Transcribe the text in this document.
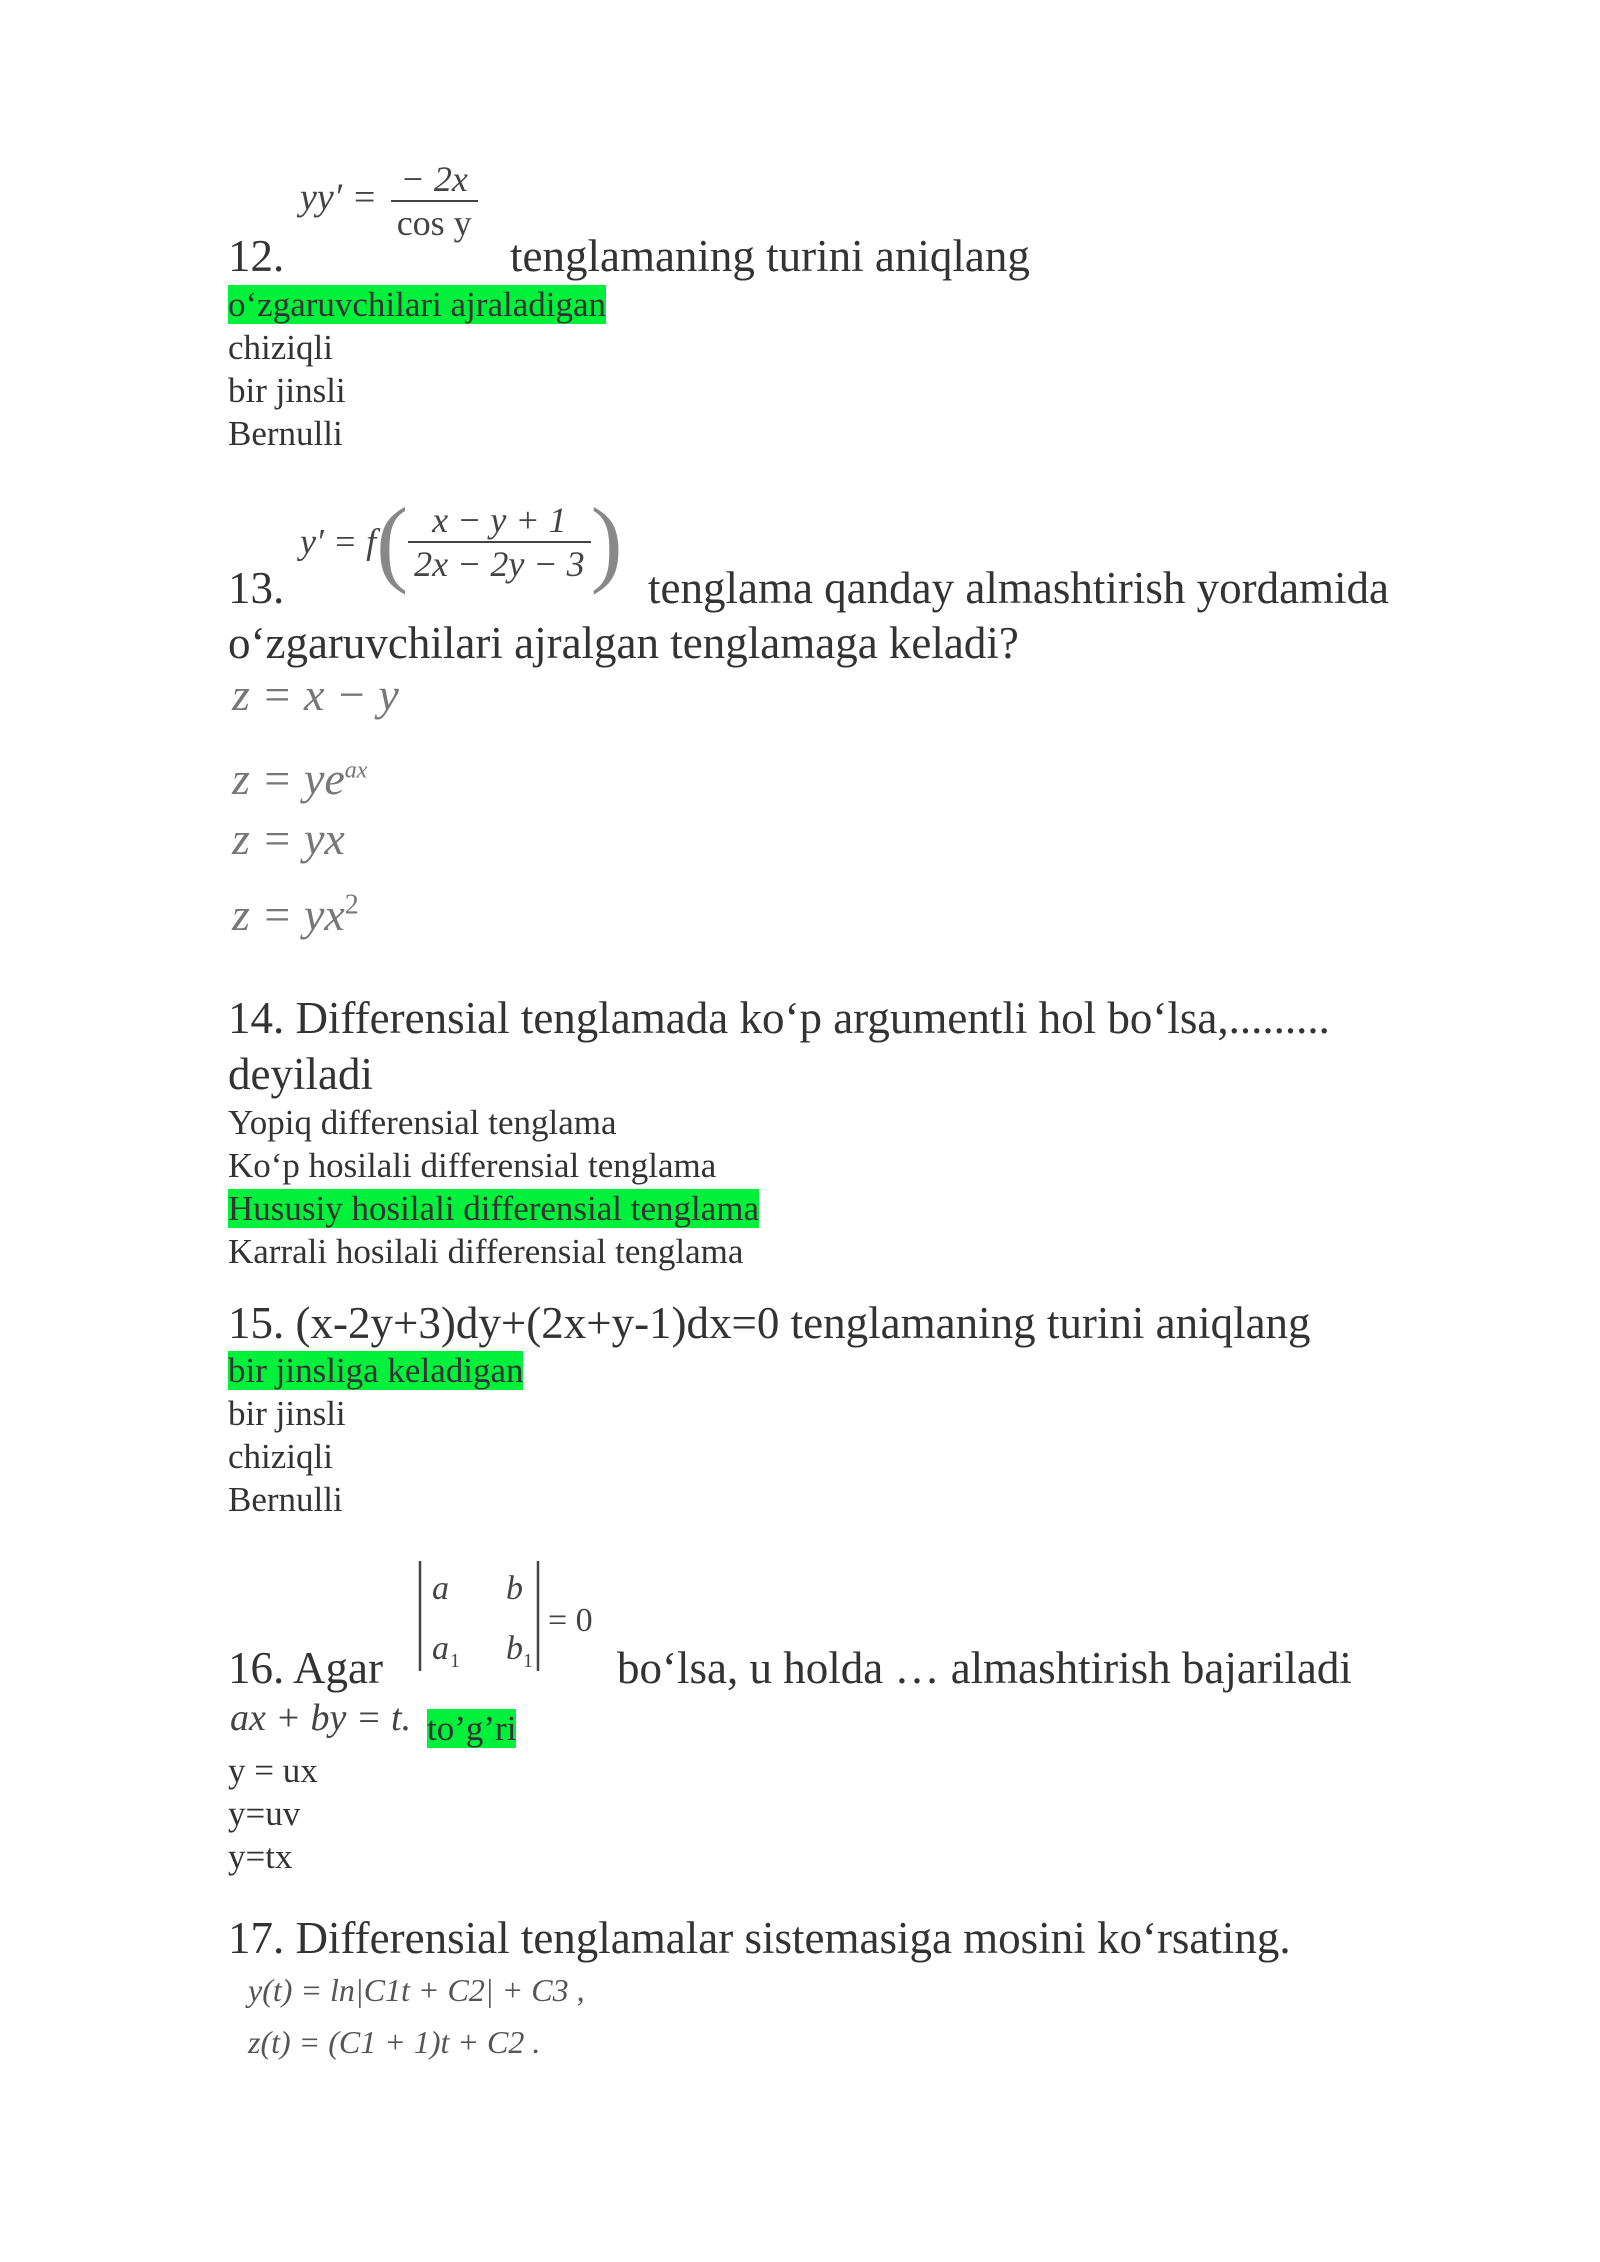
$yy' = \frac{- 2x}{\text{cos y}}$
12.	tenglamaning turini aniqlang
o‘zgaruvchilari ajraladigan
chiziqli
bir jinsli
Bernulli
$y' = f( \frac{x - y + 1}{2x - 2y - 3}$ )
13.	tenglama qanday almashtirish yordamida
o‘zgaruvchilari ajralgan tenglamaga keladi?
z = x − y
$z = ye^{ax}$
z = yx
$z = yx^2$
14. Differensial tenglamada ko‘p argumentli hol bo‘lsa,.........
deyiladi
Yopiq differensial tenglama
Ko‘p hosilali differensial tenglama
Hususiy hosilali differensial tenglama
Karrali hosilali differensial tenglama
15. (x-2y+3)dy+(2x+y-1)dx=0 tenglamaning turini aniqlang
bir jinsliga keladigan
bir jinsli
chiziqli
Bernulli
16. Agar
a b
a 1 b 1
= 0
bo‘lsa, u holda … almashtirish bajariladi
ax + by = t. to’g’ri
y = ux
y=uv
y=tx
17. Differensial tenglamalar sistemasiga mosini ko‘rsating.
y(t) = ln|C1t + C2| + C3 ,
z(t) = (C1 + 1)t + C2 .
